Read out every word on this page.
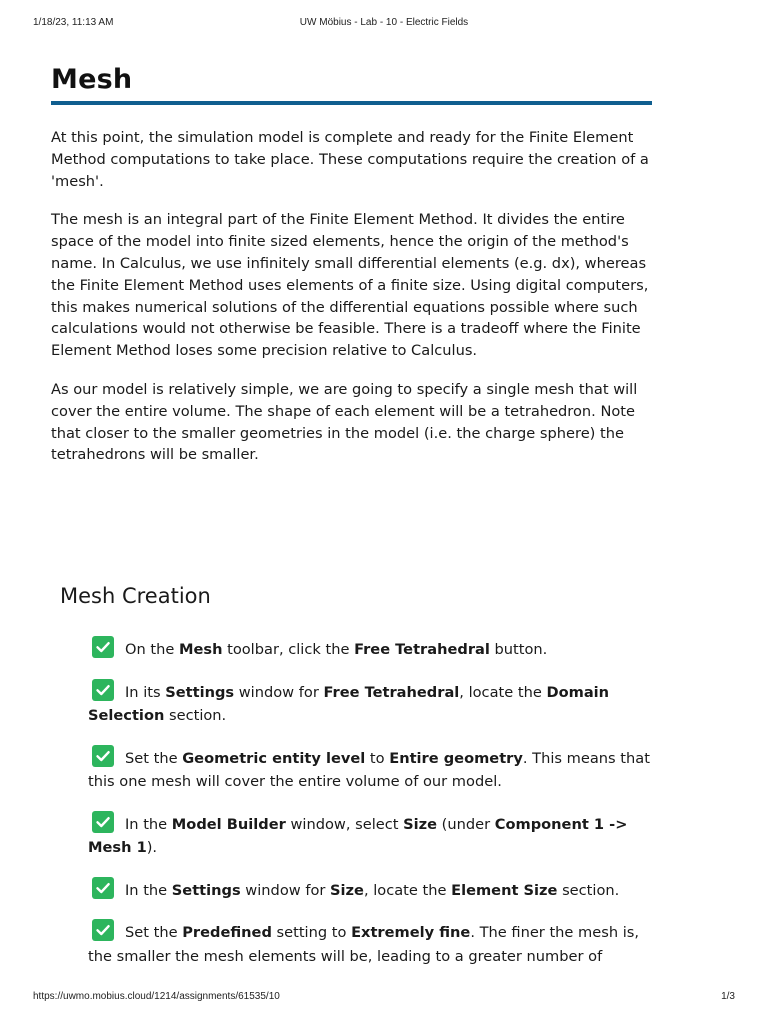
1/18/23, 11:13 AM	UW Möbius - Lab - 10 - Electric Fields
Mesh

At this point, the simulation model is complete and ready for the Finite Element Method computations to take place. These computations require the creation of a 'mesh'.

The mesh is an integral part of the Finite Element Method. It divides the entire space of the model into finite sized elements, hence the origin of the method's name. In Calculus, we use infinitely small differential elements (e.g. dx), whereas the Finite Element Method uses elements of a finite size. Using digital computers, this makes numerical solutions of the differential equations possible where such calculations would not otherwise be feasible. There is a tradeoff where the Finite Element Method loses some precision relative to Calculus.

As our model is relatively simple, we are going to specify a single mesh that will cover the entire volume. The shape of each element will be a tetrahedron. Note that closer to the smaller geometries in the model (i.e. the charge sphere) the tetrahedrons will be smaller.

Mesh Creation
On the Mesh toolbar, click the Free Tetrahedral button.
In its Settings window for Free Tetrahedral, locate the Domain Selection section.
Set the Geometric entity level to Entire geometry. This means that this one mesh will cover the entire volume of our model.
In the Model Builder window, select Size (under Component 1 -> Mesh 1).
In the Settings window for Size, locate the Element Size section.
Set the Predefined setting to Extremely fine. The finer the mesh is, the smaller the mesh elements will be, leading to a greater number of
https://uwmo.mobius.cloud/1214/assignments/61535/10	1/3
